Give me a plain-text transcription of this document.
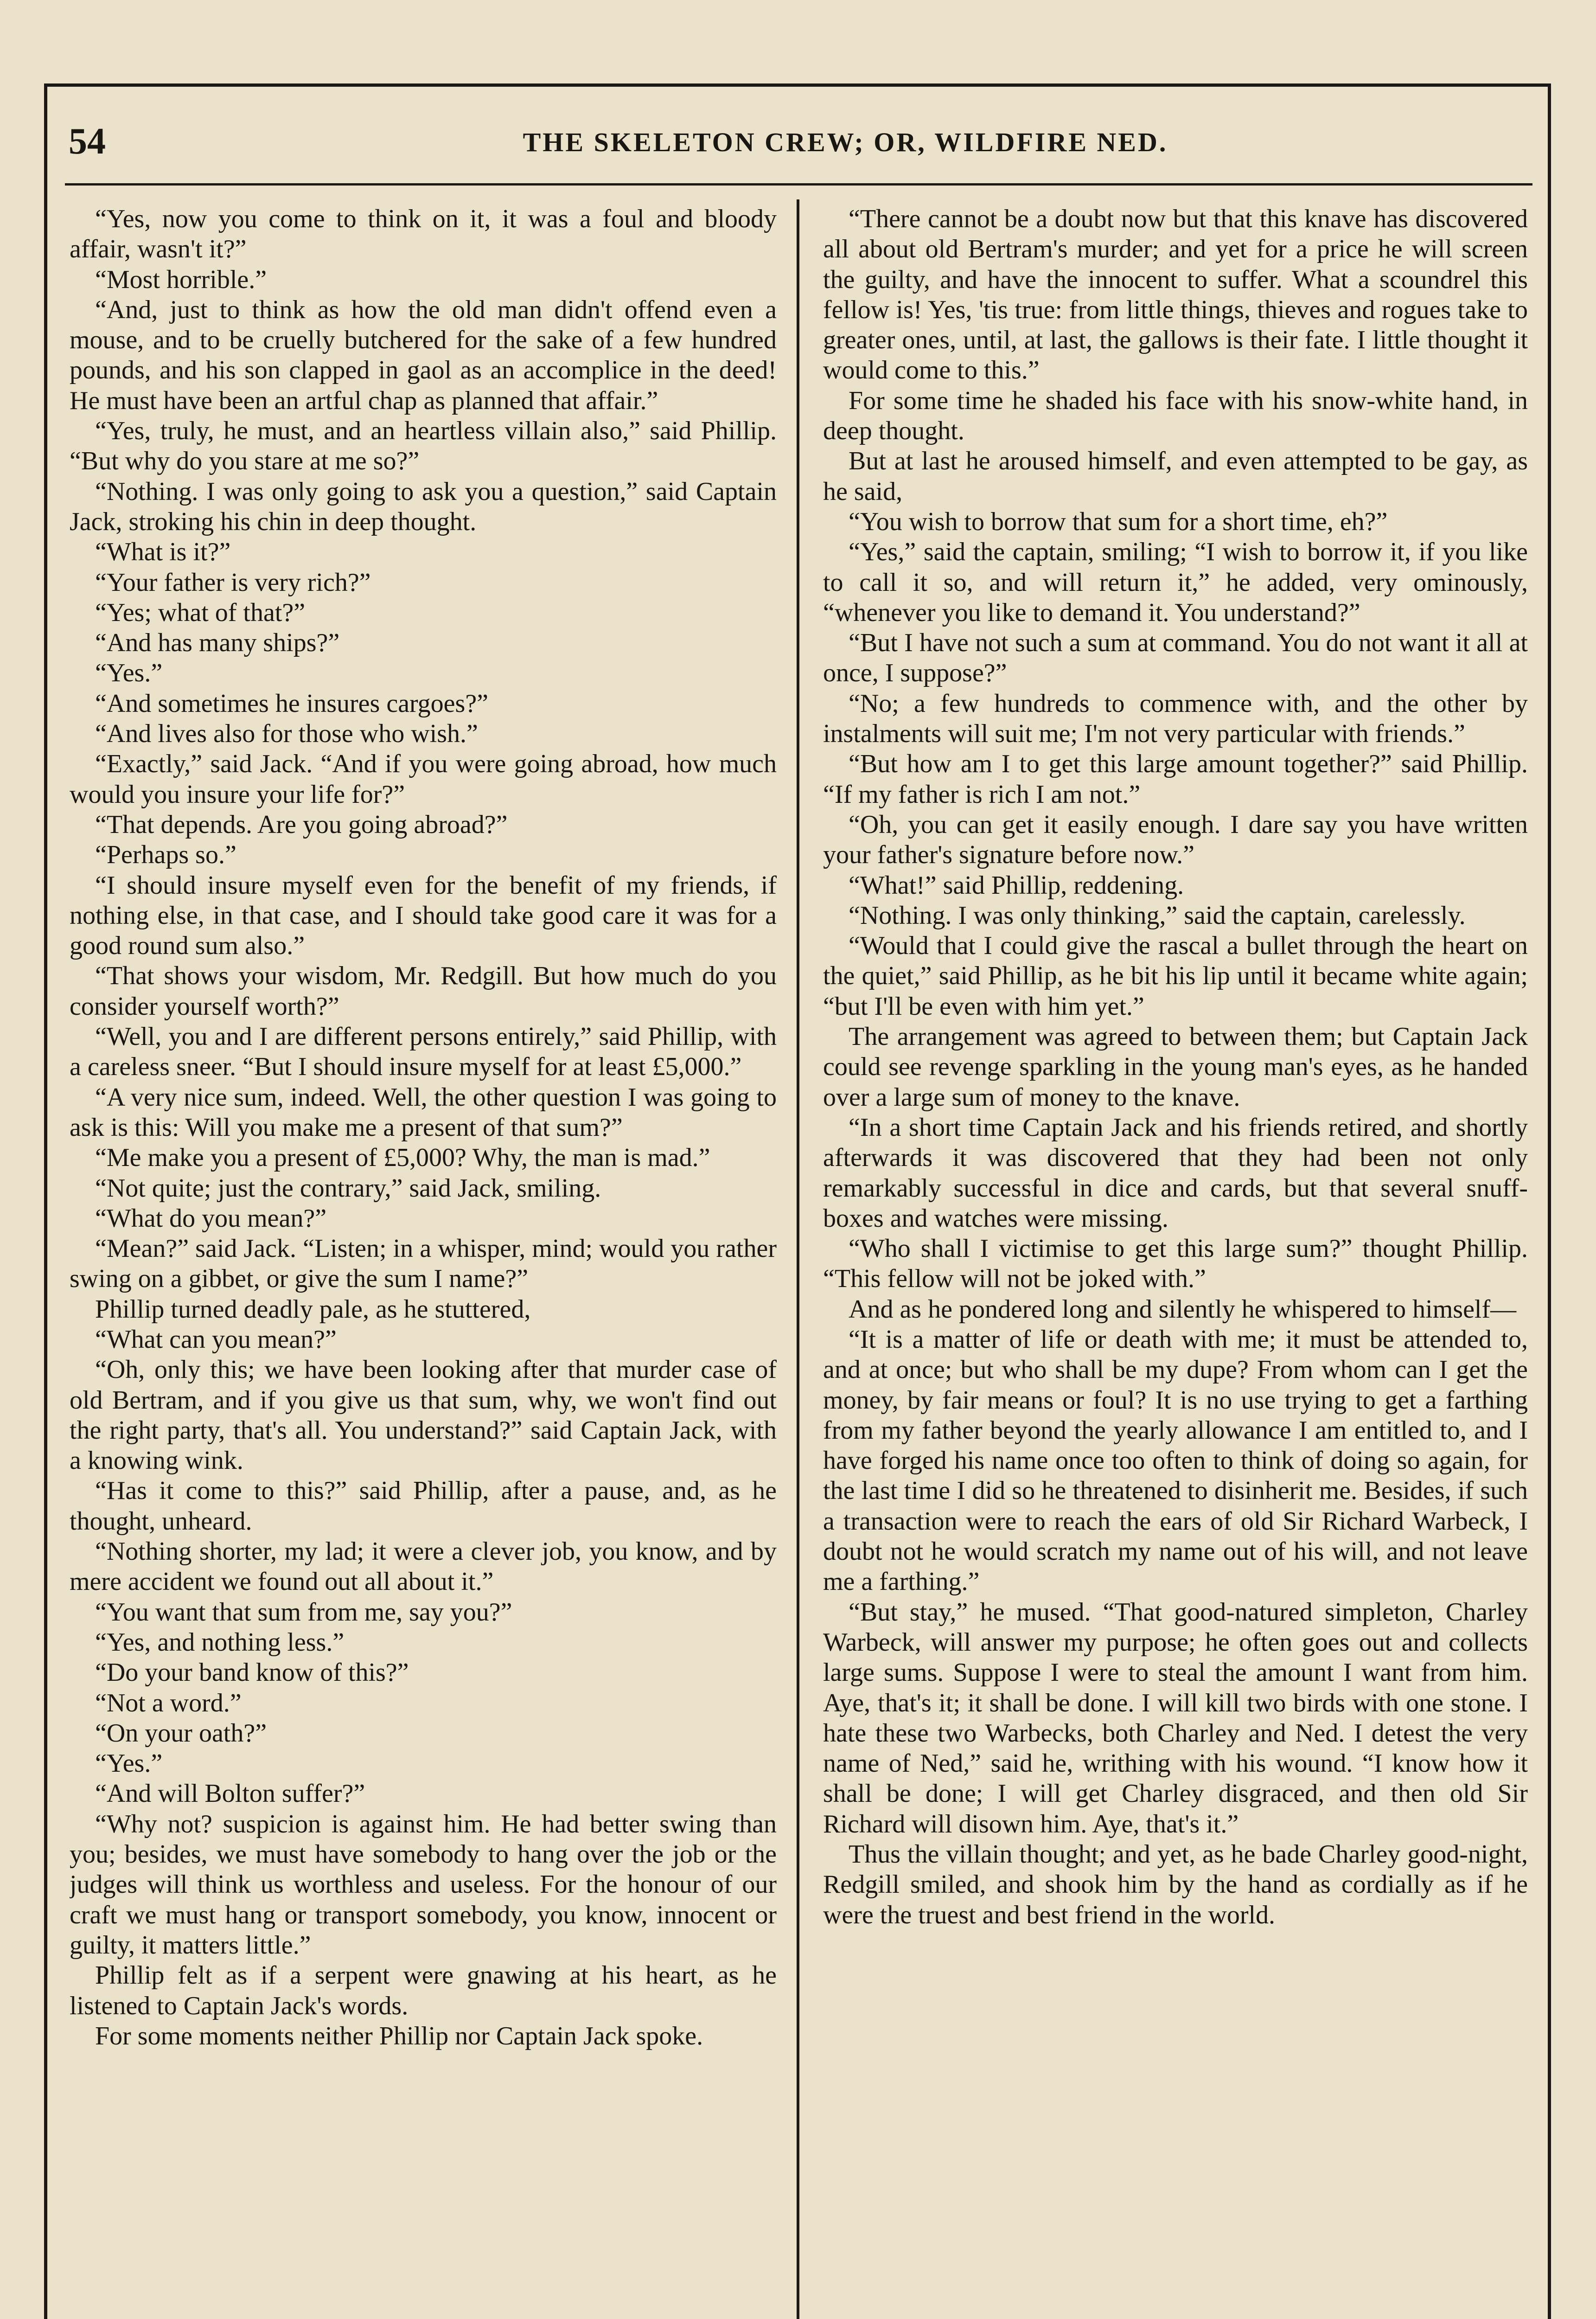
54	THE SKELETON CREW; OR, WILDFIRE NED.

“Yes, now you come to think on it, it was a foul and bloody affair, wasn't it?”

“Most horrible.”

“And, just to think as how the old man didn't offend even a mouse, and to be cruelly butchered for the sake of a few hundred pounds, and his son clapped in gaol as an accomplice in the deed! He must have been an artful chap as planned that affair.”

“Yes, truly, he must, and an heartless villain also,” said Phillip. “But why do you stare at me so?”

“Nothing. I was only going to ask you a question,” said Captain Jack, stroking his chin in deep thought.

“What is it?”

“Your father is very rich?”

“Yes; what of that?”

“And has many ships?”

“Yes.”

“And sometimes he insures cargoes?”

“And lives also for those who wish.”

“Exactly,” said Jack. “And if you were going abroad, how much would you insure your life for?”

“That depends. Are you going abroad?”

“Perhaps so.”

“I should insure myself even for the benefit of my friends, if nothing else, in that case, and I should take good care it was for a good round sum also.”

“That shows your wisdom, Mr. Redgill. But how much do you consider yourself worth?”

“Well, you and I are different persons entirely,” said Phillip, with a careless sneer. “But I should insure myself for at least £5,000.”

“A very nice sum, indeed. Well, the other question I was going to ask is this: Will you make me a present of that sum?”

“Me make you a present of £5,000? Why, the man is mad.”

“Not quite; just the contrary,” said Jack, smiling.

“What do you mean?”

“Mean?” said Jack. “Listen; in a whisper, mind; would you rather swing on a gibbet, or give the sum I name?”

Phillip turned deadly pale, as he stuttered,

“What can you mean?”

“Oh, only this; we have been looking after that murder case of old Bertram, and if you give us that sum, why, we won't find out the right party, that's all. You understand?” said Captain Jack, with a knowing wink.

“Has it come to this?” said Phillip, after a pause, and, as he thought, unheard.

“Nothing shorter, my lad; it were a clever job, you know, and by mere accident we found out all about it.”

“You want that sum from me, say you?”

“Yes, and nothing less.”

“Do your band know of this?”

“Not a word.”

“On your oath?”

“Yes.”

“And will Bolton suffer?”

“Why not? suspicion is against him. He had better swing than you; besides, we must have somebody to hang over the job or the judges will think us worthless and useless. For the honour of our craft we must hang or transport somebody, you know, innocent or guilty, it matters little.”

Phillip felt as if a serpent were gnawing at his heart, as he listened to Captain Jack's words.

For some moments neither Phillip nor Captain Jack spoke.

“There cannot be a doubt now but that this knave has discovered all about old Bertram's murder; and yet for a price he will screen the guilty, and have the innocent to suffer. What a scoundrel this fellow is! Yes, 'tis true: from little things, thieves and rogues take to greater ones, until, at last, the gallows is their fate. I little thought it would come to this.”

For some time he shaded his face with his snow-white hand, in deep thought.

But at last he aroused himself, and even attempted to be gay, as he said,

“You wish to borrow that sum for a short time, eh?”

“Yes,” said the captain, smiling; “I wish to borrow it, if you like to call it so, and will return it,” he added, very ominously, “whenever you like to demand it. You understand?”

“But I have not such a sum at command. You do not want it all at once, I suppose?”

“No; a few hundreds to commence with, and the other by instalments will suit me; I'm not very particular with friends.”

“But how am I to get this large amount together?” said Phillip. “If my father is rich I am not.”

“Oh, you can get it easily enough. I dare say you have written your father's signature before now.”

“What!” said Phillip, reddening.

“Nothing. I was only thinking,” said the captain, carelessly.

“Would that I could give the rascal a bullet through the heart on the quiet,” said Phillip, as he bit his lip until it became white again; “but I'll be even with him yet.”

The arrangement was agreed to between them; but Captain Jack could see revenge sparkling in the young man's eyes, as he handed over a large sum of money to the knave.

“In a short time Captain Jack and his friends retired, and shortly afterwards it was discovered that they had been not only remarkably successful in dice and cards, but that several snuff-boxes and watches were missing.

“Who shall I victimise to get this large sum?” thought Phillip. “This fellow will not be joked with.”

And as he pondered long and silently he whispered to himself—

“It is a matter of life or death with me; it must be attended to, and at once; but who shall be my dupe? From whom can I get the money, by fair means or foul? It is no use trying to get a farthing from my father beyond the yearly allowance I am entitled to, and I have forged his name once too often to think of doing so again, for the last time I did so he threatened to disinherit me. Besides, if such a transaction were to reach the ears of old Sir Richard Warbeck, I doubt not he would scratch my name out of his will, and not leave me a farthing.”

“But stay,” he mused. “That good-natured simpleton, Charley Warbeck, will answer my purpose; he often goes out and collects large sums. Suppose I were to steal the amount I want from him. Aye, that's it; it shall be done. I will kill two birds with one stone. I hate these two Warbecks, both Charley and Ned. I detest the very name of Ned,” said he, writhing with his wound. “I know how it shall be done; I will get Charley disgraced, and then old Sir Richard will disown him. Aye, that's it.”

Thus the villain thought; and yet, as he bade Charley good-night, Redgill smiled, and shook him by the hand as cordially as if he were the truest and best friend in the world.
